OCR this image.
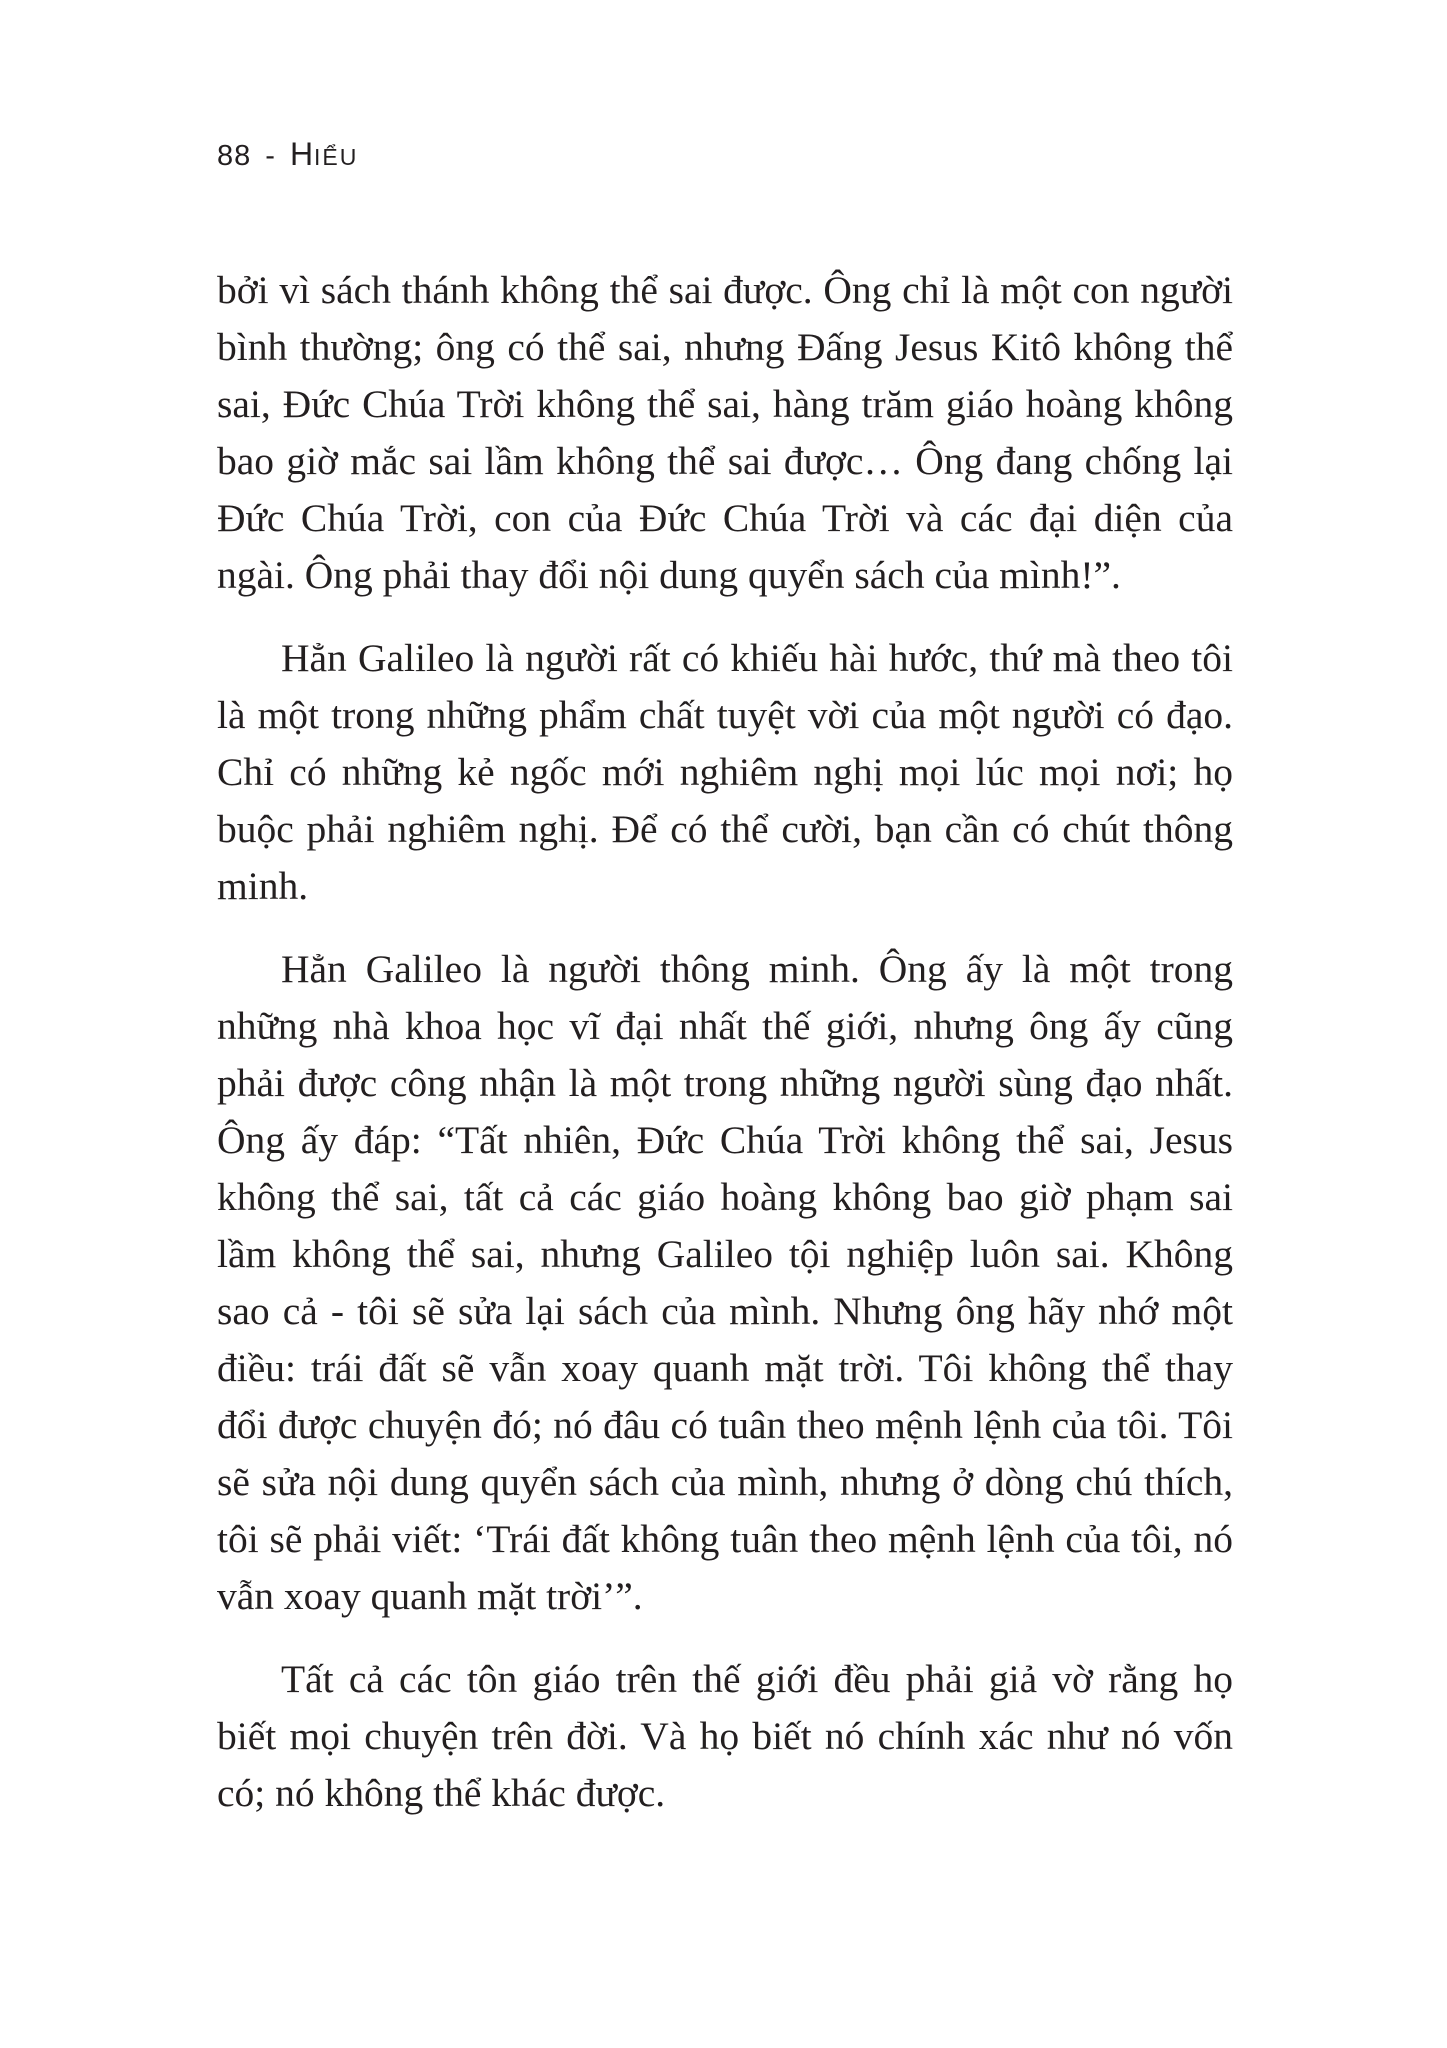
88 - HIỂU

bởi vì sách thánh không thể sai được. Ông chỉ là một con người bình thường; ông có thể sai, nhưng Đấng Jesus Kitô không thể sai, Đức Chúa Trời không thể sai, hàng trăm giáo hoàng không bao giờ mắc sai lầm không thể sai được… Ông đang chống lại Đức Chúa Trời, con của Đức Chúa Trời và các đại diện của ngài. Ông phải thay đổi nội dung quyển sách của mình!”.

Hẳn Galileo là người rất có khiếu hài hước, thứ mà theo tôi là một trong những phẩm chất tuyệt vời của một người có đạo. Chỉ có những kẻ ngốc mới nghiêm nghị mọi lúc mọi nơi; họ buộc phải nghiêm nghị. Để có thể cười, bạn cần có chút thông minh.

Hẳn Galileo là người thông minh. Ông ấy là một trong những nhà khoa học vĩ đại nhất thế giới, nhưng ông ấy cũng phải được công nhận là một trong những người sùng đạo nhất. Ông ấy đáp: “Tất nhiên, Đức Chúa Trời không thể sai, Jesus không thể sai, tất cả các giáo hoàng không bao giờ phạm sai lầm không thể sai, nhưng Galileo tội nghiệp luôn sai. Không sao cả - tôi sẽ sửa lại sách của mình. Nhưng ông hãy nhớ một điều: trái đất sẽ vẫn xoay quanh mặt trời. Tôi không thể thay đổi được chuyện đó; nó đâu có tuân theo mệnh lệnh của tôi. Tôi sẽ sửa nội dung quyển sách của mình, nhưng ở dòng chú thích, tôi sẽ phải viết: ‘Trái đất không tuân theo mệnh lệnh của tôi, nó vẫn xoay quanh mặt trời’”.

Tất cả các tôn giáo trên thế giới đều phải giả vờ rằng họ biết mọi chuyện trên đời. Và họ biết nó chính xác như nó vốn có; nó không thể khác được.
